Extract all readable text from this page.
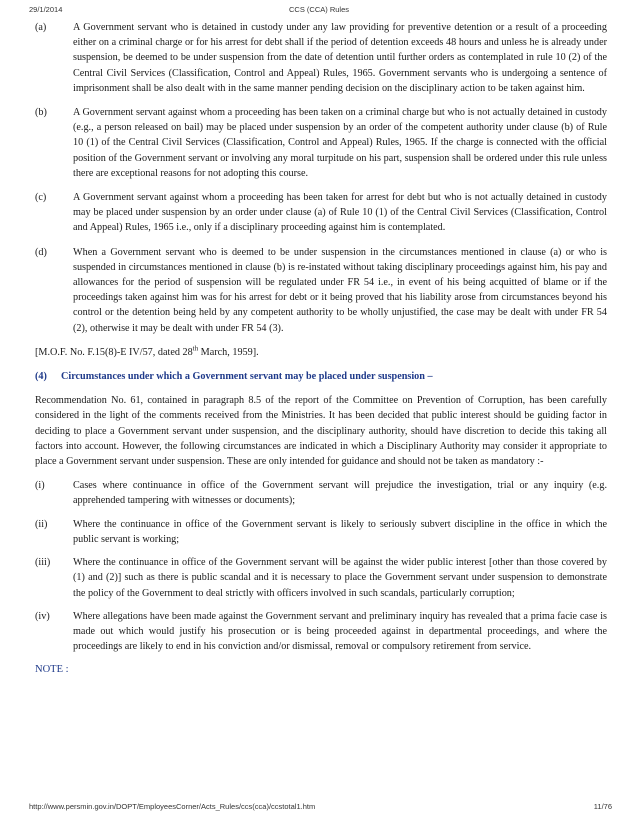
29/1/2014	CCS (CCA) Rules
(a)	A Government servant who is detained in custody under any law providing for preventive detention or a result of a proceeding either on a criminal charge or for his arrest for debt shall if the period of detention exceeds 48 hours and unless he is already under suspension, be deemed to be under suspension from the date of detention until further orders as contemplated in rule 10 (2) of the Central Civil Services (Classification, Control and Appeal) Rules, 1965. Government servants who is undergoing a sentence of imprisonment shall be also dealt with in the same manner pending decision on the disciplinary action to be taken against him.

(b)	A Government servant against whom a proceeding has been taken on a criminal charge but who is not actually detained in custody (e.g., a person released on bail) may be placed under suspension by an order of the competent authority under clause (b) of Rule 10 (1) of the Central Civil Services (Classification, Control and Appeal) Rules, 1965. If the charge is connected with the official position of the Government servant or involving any moral turpitude on his part, suspension shall be ordered under this rule unless there are exceptional reasons for not adopting this course.

(c)	A Government servant against whom a proceeding has been taken for arrest for debt but who is not actually detained in custody may be placed under suspension by an order under clause (a) of Rule 10 (1) of the Central Civil Services (Classification, Control and Appeal) Rules, 1965 i.e., only if a disciplinary proceeding against him is contemplated.

(d)	When a Government servant who is deemed to be under suspension in the circumstances mentioned in clause (a) or who is suspended in circumstances mentioned in clause (b) is re-instated without taking disciplinary proceedings against him, his pay and allowances for the period of suspension will be regulated under FR 54 i.e., in event of his being acquitted of blame or if the proceedings taken against him was for his arrest for debt or it being proved that his liability arose from circumstances beyond his control or the detention being held by any competent authority to be wholly unjustified, the case may be dealt with under FR 54 (2), otherwise it may be dealt with under FR 54 (3).

[M.O.F. No. F.15(8)-E IV/57, dated 28th March, 1959].

(4) Circumstances under which a Government servant may be placed under suspension –

Recommendation No. 61, contained in paragraph 8.5 of the report of the Committee on Prevention of Corruption, has been carefully considered in the light of the comments received from the Ministries. It has been decided that public interest should be guiding factor in deciding to place a Government servant under suspension, and the disciplinary authority, should have discretion to decide this taking all factors into account. However, the following circumstances are indicated in which a Disciplinary Authority may consider it appropriate to place a Government servant under suspension. These are only intended for guidance and should not be taken as mandatory :-

(i)	Cases where continuance in office of the Government servant will prejudice the investigation, trial or any inquiry (e.g. apprehended tampering with witnesses or documents);

(ii)	Where the continuance in office of the Government servant is likely to seriously subvert discipline in the office in which the public servant is working;

(iii) Where the continuance in office of the Government servant will be against the wider public interest [other than those covered by (1) and (2)] such as there is public scandal and it is necessary to place the Government servant under suspension to demonstrate the policy of the Government to deal strictly with officers involved in such scandals, particularly corruption;

(iv) Where allegations have been made against the Government servant and preliminary inquiry has revealed that a prima facie case is made out which would justify his prosecution or is being proceeded against in departmental proceedings, and where the proceedings are likely to end in his conviction and/or dismissal, removal or compulsory retirement from service.

NOTE :

http://www.persmin.gov.in/DOPT/EmployeesCorner/Acts_Rules/ccs(cca)/ccstotal1.htm	11/76
